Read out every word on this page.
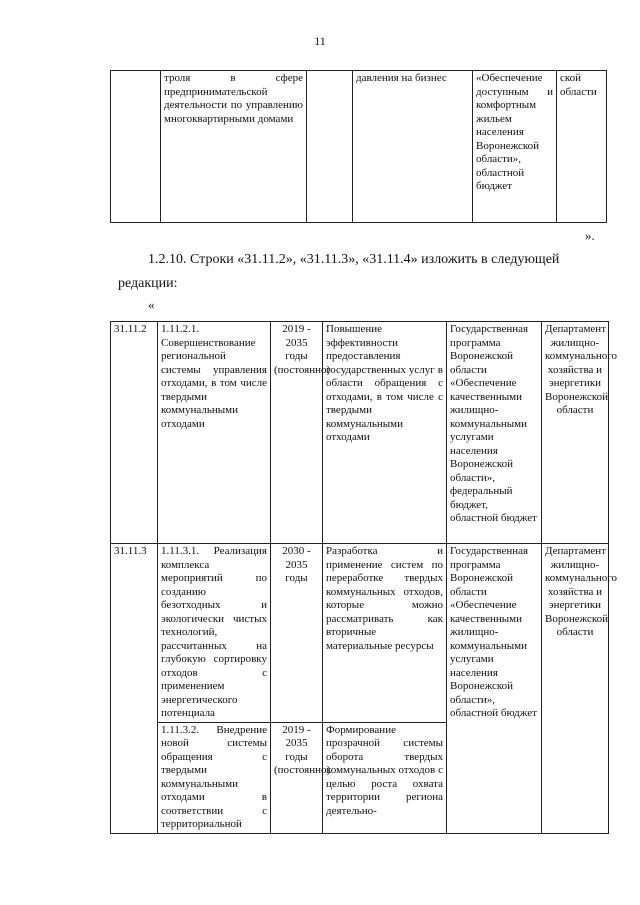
11
	троля в сфере предпринимательской деятельности по управлению многоквартирными домами		давления на бизнес	«Обеспечение доступным и комфортным жильем населения Воронежской области», областной бюджет	ской области
».
1.2.10. Строки «31.11.2», «31.11.3», «31.11.4» изложить в следующей
редакции:
«
31.11.2	1.11.2.1. Совершенствование региональной системы управления отходами, в том числе твердыми коммунальными отходами	2019 - 2035 годы (постоянно)	Повышение эффективности предоставления государственных услуг в области обращения с отходами, в том числе с твердыми коммунальными отходами	Государственная программа Воронежской области «Обеспечение качественными жилищно-коммунальными услугами населения Воронежской области», федеральный бюджет, областной бюджет	Департамент жилищно-коммунального хозяйства и энергетики Воронежской области
31.11.3	1.11.3.1. Реализация комплекса мероприятий по созданию безотходных и экологически чистых технологий, рассчитанных на глубокую сортировку отходов с применением энергетического потенциала	2030 - 2035 годы	Разработка и применение систем по переработке твердых коммунальных отходов, которые можно рассматривать как вторичные материальные ресурсы	Государственная программа Воронежской области «Обеспечение качественными жилищно-коммунальными услугами населения Воронежской области», областной бюджет	Департамент жилищно-коммунального хозяйства и энергетики Воронежской области
	1.11.3.2. Внедрение новой системы обращения с твердыми коммунальными отходами в соответствии с территориальной	2019 - 2035 годы (постоянно)	Формирование прозрачной системы оборота твердых коммунальных отходов с целью роста охвата территории региона деятельно-		
